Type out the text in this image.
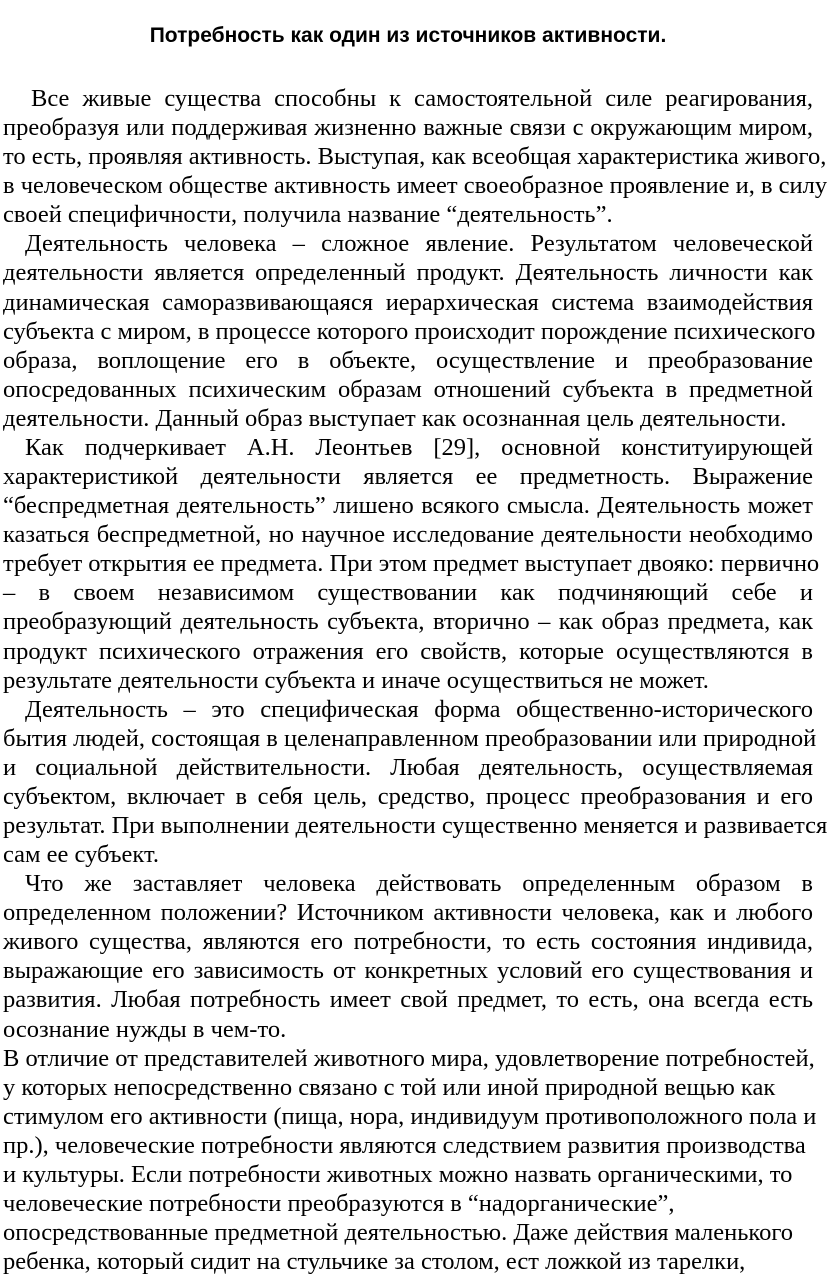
Потребность как один из источников активности.
Все живые существа способны к самостоятельной силе реагирования,
преобразуя или поддерживая жизненно важные связи с окружающим миром,
то есть, проявляя активность. Выступая, как всеобщая характеристика живого,
в человеческом обществе активность имеет своеобразное проявление и, в силу
своей специфичности, получила название “деятельность”.
Деятельность человека – сложное явление. Результатом человеческой
деятельности является определенный продукт. Деятельность личности как
динамическая саморазвивающаяся иерархическая система взаимодействия
субъекта с миром, в процессе которого происходит порождение психического
образа, воплощение его в объекте, осуществление и преобразование
опосредованных психическим образам отношений субъекта в предметной
деятельности. Данный образ выступает как осознанная цель деятельности.
Как подчеркивает А.Н. Леонтьев [29], основной конституирующей
характеристикой деятельности является ее предметность. Выражение
“беспредметная деятельность” лишено всякого смысла. Деятельность может
казаться беспредметной, но научное исследование деятельности необходимо
требует открытия ее предмета. При этом предмет выступает двояко: первично
– в своем независимом существовании как подчиняющий себе и
преобразующий деятельность субъекта, вторично – как образ предмета, как
продукт психического отражения его свойств, которые осуществляются в
результате деятельности субъекта и иначе осуществиться не может.
Деятельность – это специфическая форма общественно-исторического
бытия людей, состоящая в целенаправленном преобразовании или природной
и социальной действительности. Любая деятельность, осуществляемая
субъектом, включает в себя цель, средство, процесс преобразования и его
результат. При выполнении деятельности существенно меняется и развивается
сам ее субъект.
Что же заставляет человека действовать определенным образом в
определенном положении? Источником активности человека, как и любого
живого существа, являются его потребности, то есть состояния индивида,
выражающие его зависимость от конкретных условий его существования и
развития. Любая потребность имеет свой предмет, то есть, она всегда есть
осознание нужды в чем-то.
В отличие от представителей животного мира, удовлетворение потребностей,
у которых непосредственно связано с той или иной природной вещью как
стимулом его активности (пища, нора, индивидуум противоположного пола и
пр.), человеческие потребности являются следствием развития производства
и культуры. Если потребности животных можно назвать органическими, то
человеческие потребности преобразуются в “надорганические”,
опосредствованные предметной деятельностью. Даже действия маленького
ребенка, который сидит на стульчике за столом, ест ложкой из тарелки,
